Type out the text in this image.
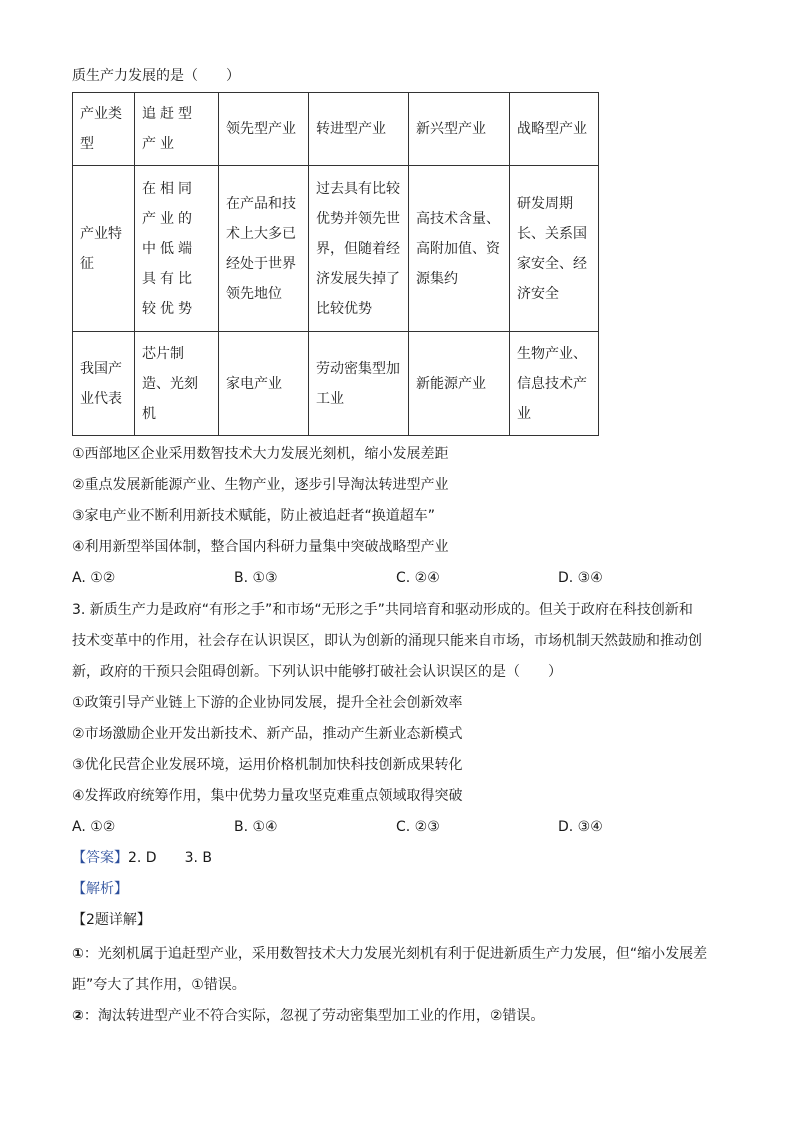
质生产力发展的是（　　）
产业类型	追赶型产业	领先型产业	转进型产业	新兴型产业	战略型产业
产业特征	在相同产业的中低端具有比较优势	在产品和技术上大多已经处于世界领先地位	过去具有比较优势并领先世界，但随着经济发展失掉了比较优势	高技术含量、高附加值、资源集约	研发周期长、关系国家安全、经济安全
我国产业代表	芯片制造、光刻机	家电产业	劳动密集型加工业	新能源产业	生物产业、信息技术产业
①西部地区企业采用数智技术大力发展光刻机，缩小发展差距
②重点发展新能源产业、生物产业，逐步引导淘汰转进型产业
③家电产业不断利用新技术赋能，防止被追赶者“换道超车”
④利用新型举国体制，整合国内科研力量集中突破战略型产业
A. ①②	B. ①③	C. ②④	D. ③④
3. 新质生产力是政府“有形之手”和市场“无形之手”共同培育和驱动形成的。但关于政府在科技创新和
技术变革中的作用，社会存在认识误区，即认为创新的涌现只能来自市场，市场机制天然鼓励和推动创
新，政府的干预只会阻碍创新。下列认识中能够打破社会认识误区的是（　　）
①政策引导产业链上下游的企业协同发展，提升全社会创新效率
②市场激励企业开发出新技术、新产品，推动产生新业态新模式
③优化民营企业发展环境，运用价格机制加快科技创新成果转化
④发挥政府统筹作用，集中优势力量攻坚克难重点领域取得突破
A. ①②	B. ①④	C. ②③	D. ③④
【答案】2. D　　3. B
【解析】
【2题详解】
①：光刻机属于追赶型产业，采用数智技术大力发展光刻机有利于促进新质生产力发展，但“缩小发展差
距”夸大了其作用，①错误。
②：淘汰转进型产业不符合实际，忽视了劳动密集型加工业的作用，②错误。
